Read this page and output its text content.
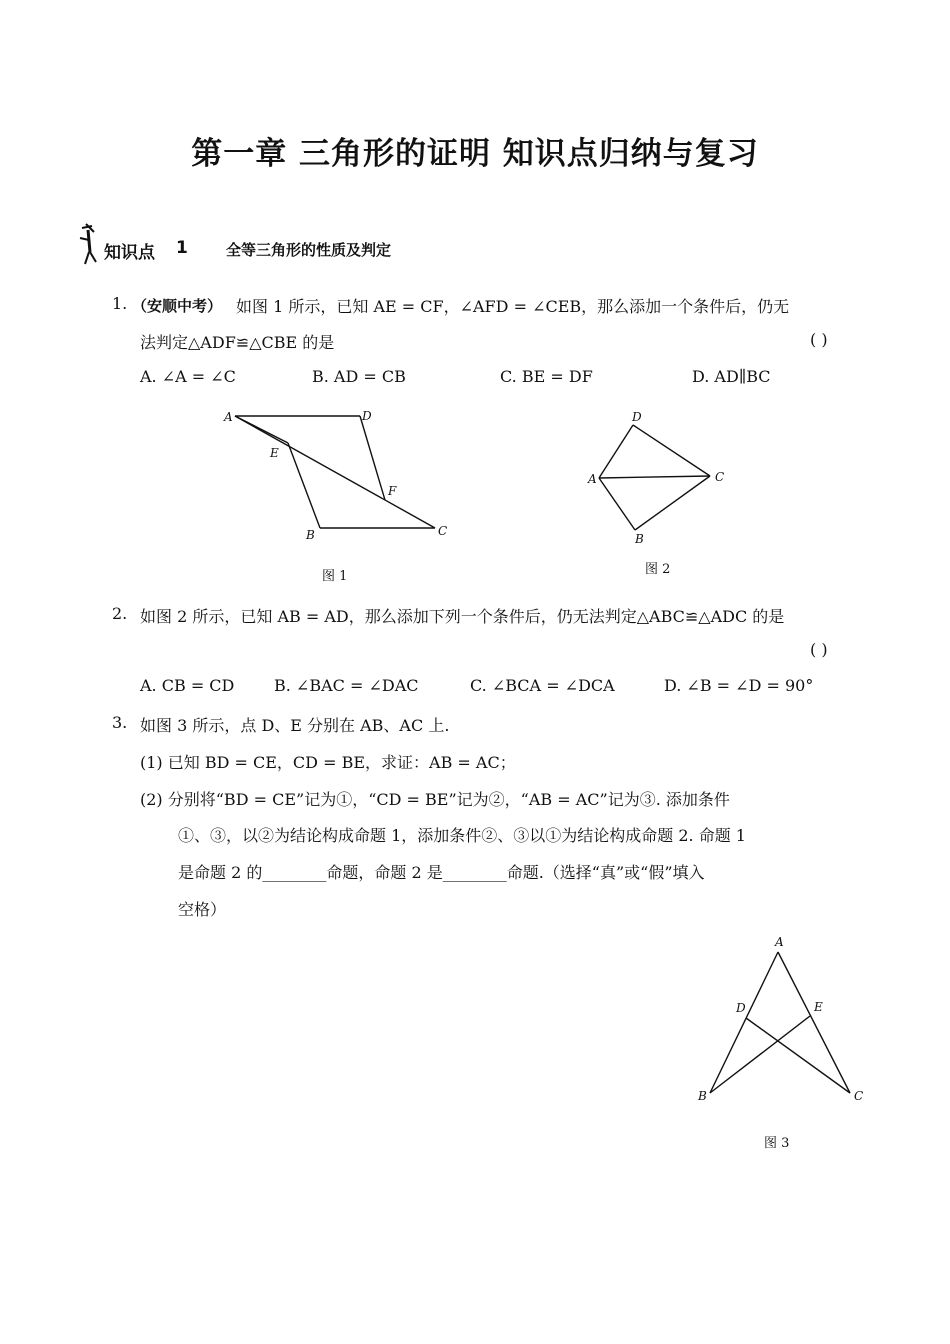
第一章 三角形的证明 知识点归纳与复习
知识点 1	全等三角形的性质及判定
1. （安顺中考） 如图 1 所示，已知 AE = CF，∠AFD = ∠CEB，那么添加一个条件后，仍无
法判定△ADF≌△CBE 的是	( )
A. ∠A = ∠C	B. AD = CB	C. BE = DF	D. AD∥BC
A	D
E
F
B	C
图 1
D
A	C
B
图 2
2. 如图 2 所示，已知 AB = AD，那么添加下列一个条件后，仍无法判定△ABC≌△ADC 的是
( )
A. CB = CD B. ∠BAC = ∠DAC	C. ∠BCA = ∠DCA	D. ∠B = ∠D = 90°
3. 如图 3 所示，点 D、E 分别在 AB、AC 上.
(1) 已知 BD = CE，CD = BE，求证：AB = AC；
(2) 分别将“BD = CE”记为①，“CD = BE”记为②，“AB = AC”记为③. 添加条件
①、③，以②为结论构成命题 1，添加条件②、③以①为结论构成命题 2. 命题 1
是命题 2 的________命题，命题 2 是________命题.（选择“真”或“假”填入
空格）
A
D	E
B	C
图 3
